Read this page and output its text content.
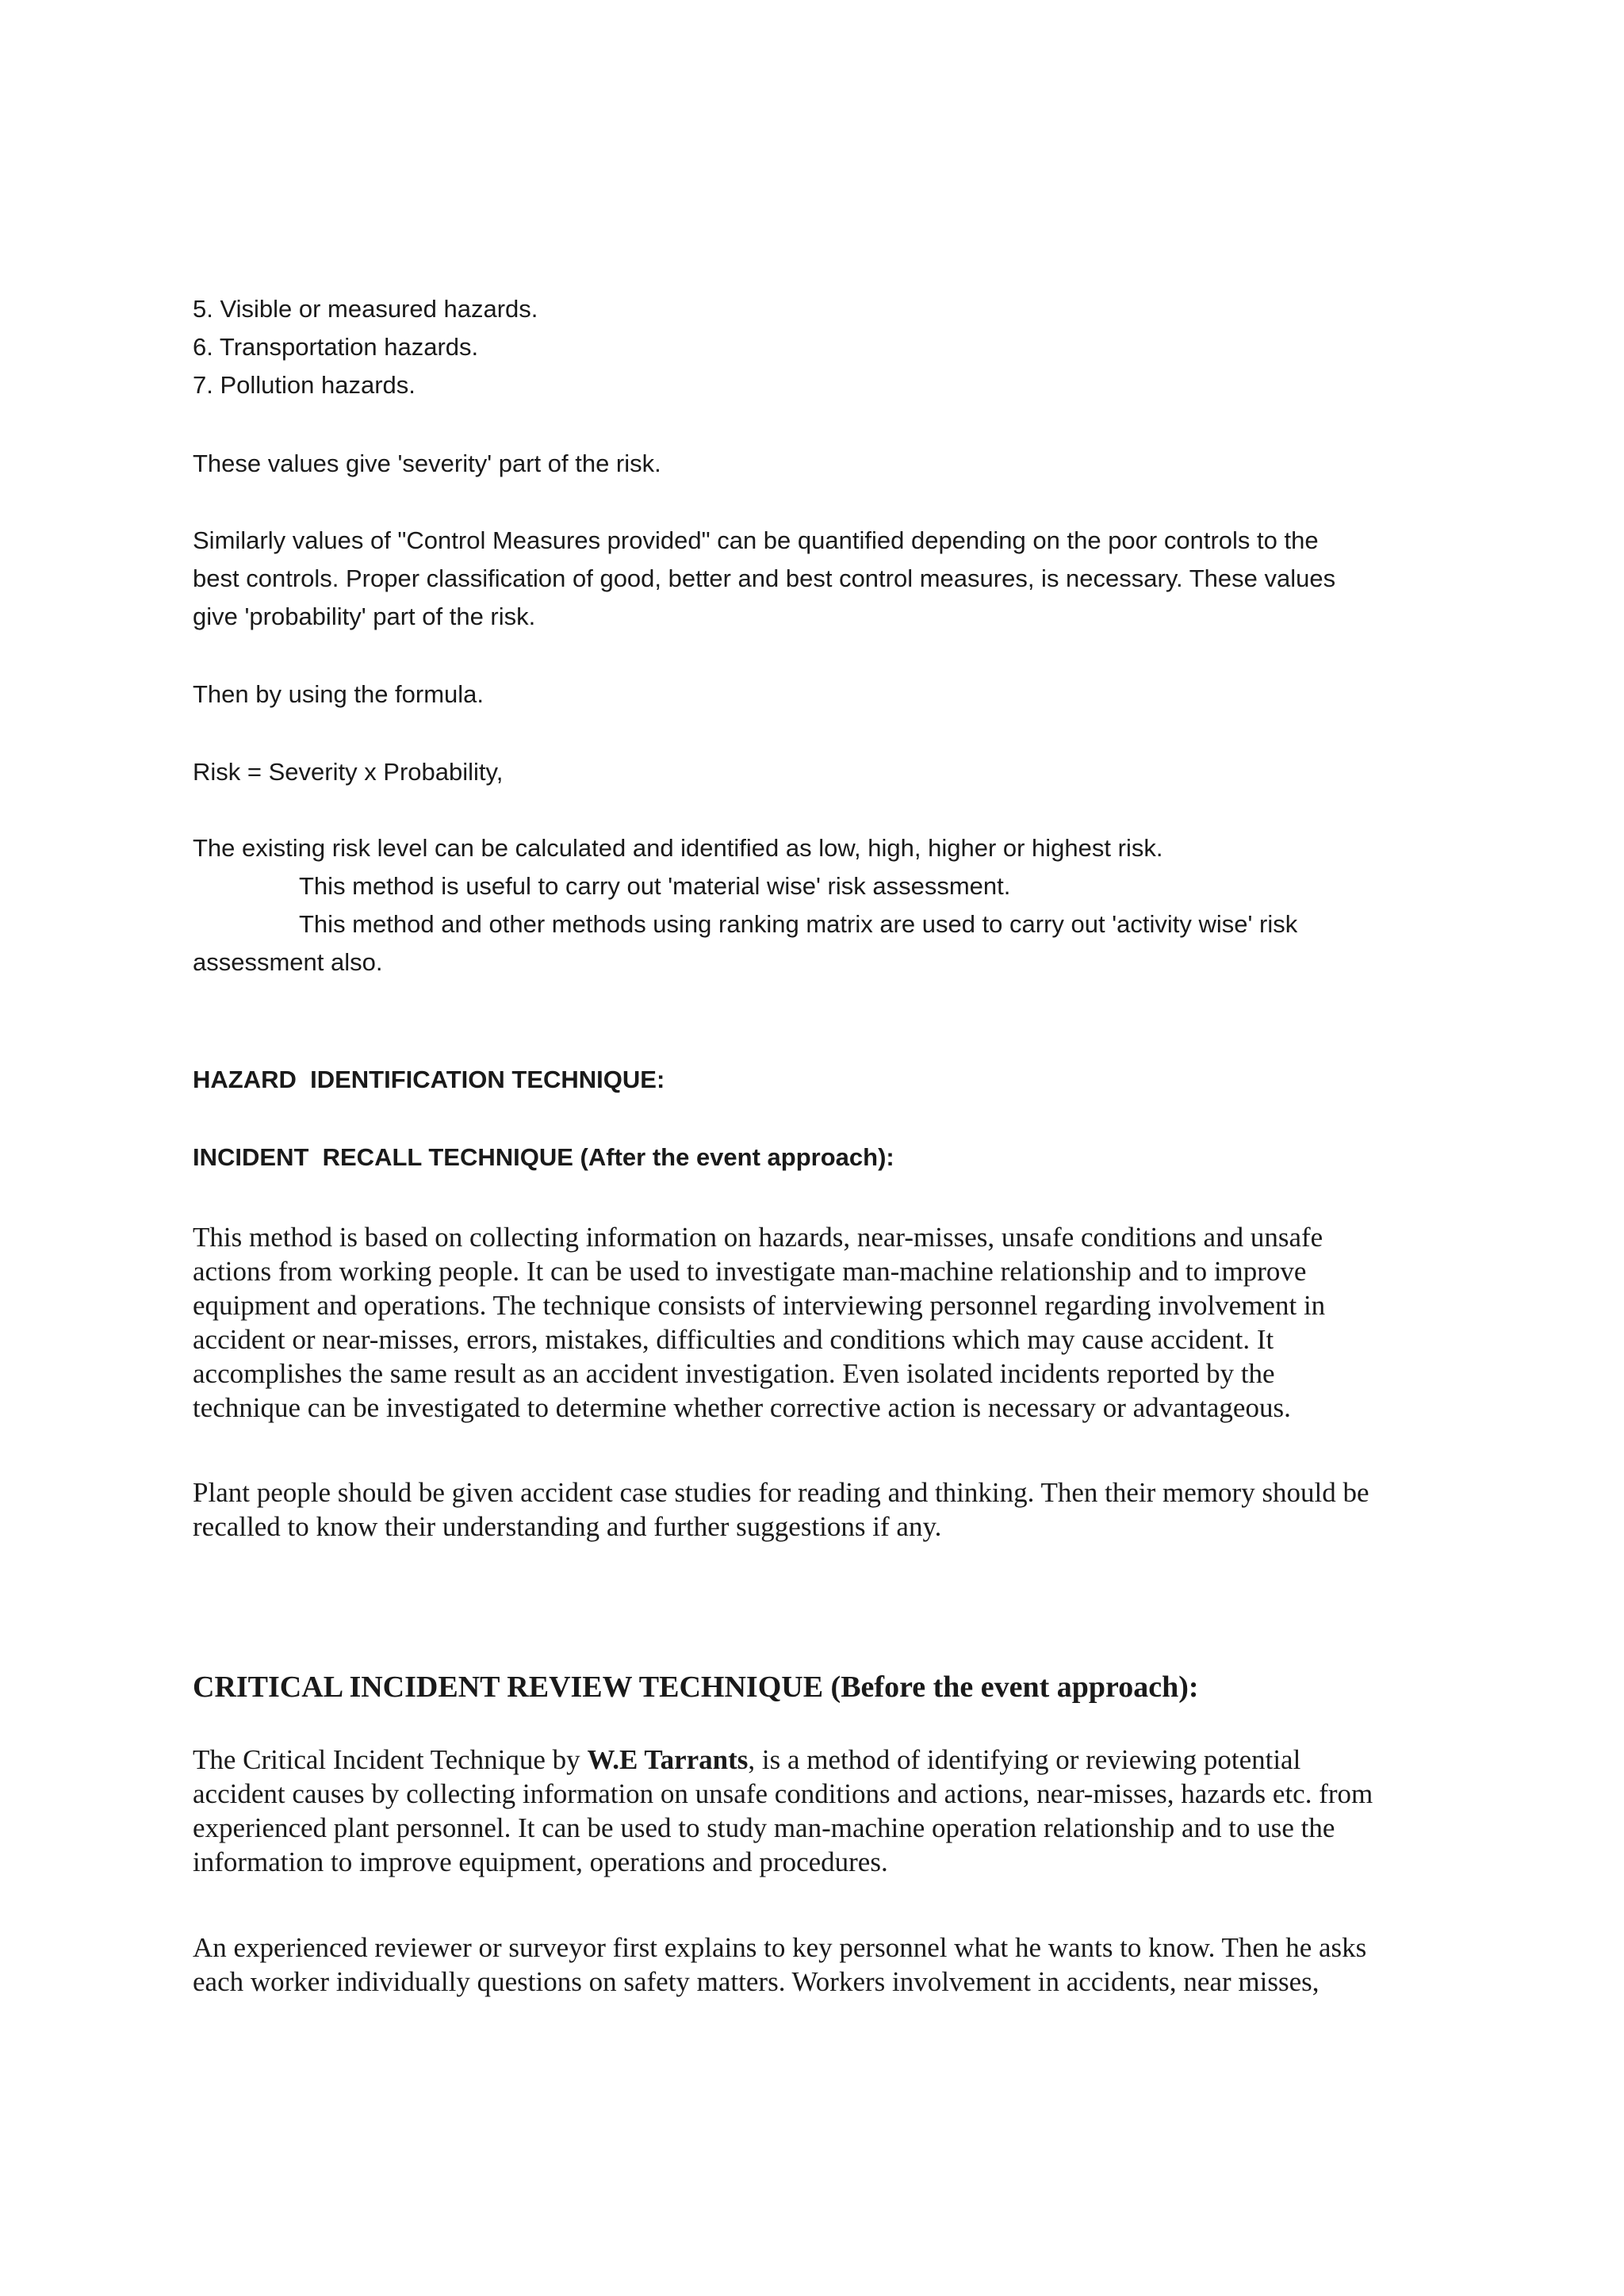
5. Visible or measured hazards.
6. Transportation hazards.
7. Pollution hazards.
These values give 'severity' part of the risk.
Similarly values of "Control Measures provided" can be quantified depending on the poor controls to the
best controls. Proper classification of good, better and best control measures, is necessary. These values
give 'probability' part of the risk.
Then by using the formula.
Risk = Severity x Probability,
The existing risk level can be calculated and identified as low, high, higher or highest risk.
This method is useful to carry out 'material wise' risk assessment.
This method and other methods using ranking matrix are used to carry out 'activity wise' risk
assessment also.
HAZARD  IDENTIFICATION TECHNIQUE:
INCIDENT  RECALL TECHNIQUE (After the event approach):
This method is based on collecting information on hazards, near-misses, unsafe conditions and unsafe
actions from working people. It can be used to investigate man-machine relationship and to improve
equipment and operations. The technique consists of interviewing personnel regarding involvement in
accident or near-misses, errors, mistakes, difficulties and conditions which may cause accident. It
accomplishes the same result as an accident investigation. Even isolated incidents reported by the
technique can be investigated to determine whether corrective action is necessary or advantageous.
Plant people should be given accident case studies for reading and thinking. Then their memory should be
recalled to know their understanding and further suggestions if any.
CRITICAL INCIDENT REVIEW TECHNIQUE (Before the event approach):
The Critical Incident Technique by W.E Tarrants, is a method of identifying or reviewing potential
accident causes by collecting information on unsafe conditions and actions, near-misses, hazards etc. from
experienced plant personnel. It can be used to study man-machine operation relationship and to use the
information to improve equipment, operations and procedures.
An experienced reviewer or surveyor first explains to key personnel what he wants to know. Then he asks
each worker individually questions on safety matters. Workers involvement in accidents, near misses,
